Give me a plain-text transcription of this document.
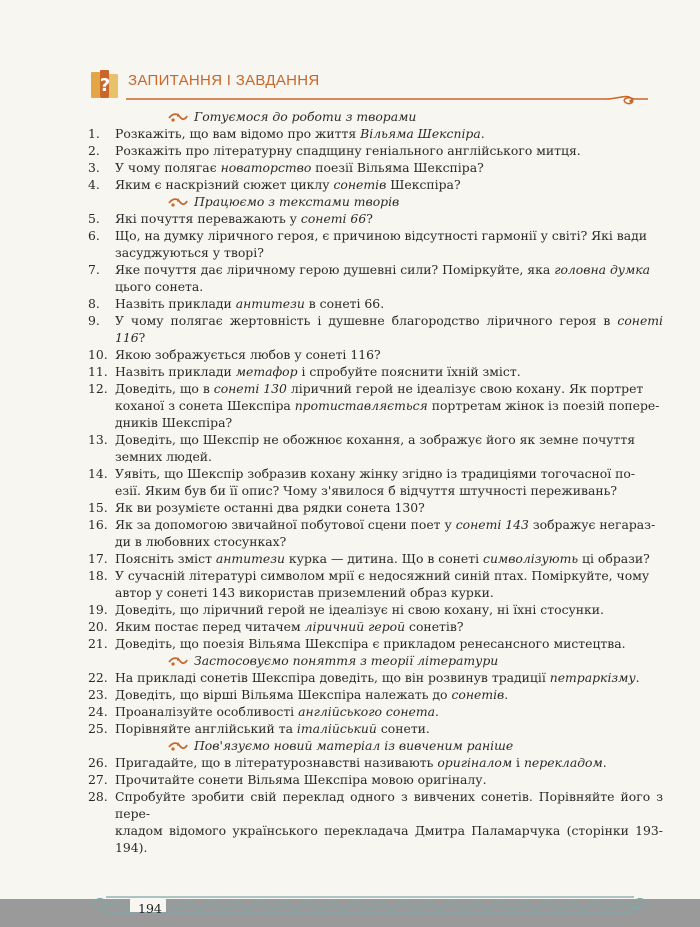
? ЗАПИТАННЯ І ЗАВДАННЯ
Готуємося до роботи з творами
1.	Розкажіть, що вам відомо про життя Вільяма Шекспіра.
2.	Розкажіть про літературну спадщину геніального англійського митця.
3.	У чому полягає новаторство поезії Вільяма Шекспіра?
4.	Яким є наскрізний сюжет циклу сонетів Шекспіра?
Працюємо з текстами творів
5.	Які почуття переважають у сонеті 66?
6.	Що, на думку ліричного героя, є причиною відсутності гармонії у світі? Які вади
засуджуються у творі?
7.	Яке почуття дає ліричному герою душевні сили? Поміркуйте, яка головна думка
цього сонета.
8.	Назвіть приклади антитези в сонеті 66.
9.	У чому полягає жертовність і душевне благородство ліричного героя в сонеті 116?
10. Якою зображується любов у сонеті 116?
11. Назвіть приклади метафор і спробуйте пояснити їхній зміст.
12. Доведіть, що в сонеті 130 ліричний герой не ідеалізує свою кохану. Як портрет
коханої з сонета Шекспіра протиставляється портретам жінок із поезій попере-
дників Шекспіра?
13. Доведіть, що Шекспір не обожнює кохання, а зображує його як земне почуття
земних людей.
14. Уявіть, що Шекспір зобразив кохану жінку згідно із традиціями тогочасної по-
езії. Яким був би її опис? Чому з'явилося б відчуття штучності переживань?
15. Як ви розумієте останні два рядки сонета 130?
16. Як за допомогою звичайної побутової сцени поет у сонеті 143 зображує негараз-
ди в любовних стосунках?
17. Поясніть зміст антитези курка — дитина. Що в сонеті символізують ці образи?
18. У сучасній літературі символом мрії є недосяжний синій птах. Поміркуйте, чому
автор у сонеті 143 використав приземлений образ курки.
19. Доведіть, що ліричний герой не ідеалізує ні свою кохану, ні їхні стосунки.
20. Яким постає перед читачем ліричний герой сонетів?
21. Доведіть, що поезія Вільяма Шекспіра є прикладом ренесансного мистецтва.
Застосовуємо поняття з теорії літератури
22. На прикладі сонетів Шекспіра доведіть, що він розвинув традиції петраркізму.
23. Доведіть, що вірші Вільяма Шекспіра належать до сонетів.
24. Проаналізуйте особливості англійського сонета.
25. Порівняйте англійський та італійський сонети.
Пов'язуємо новий матеріал із вивченим раніше
26. Пригадайте, що в літературознавстві називають оригіналом і перекладом.
27. Прочитайте сонети Вільяма Шекспіра мовою оригіналу.
28. Спробуйте зробити свій переклад одного з вивчених сонетів. Порівняйте його з пере-
кладом відомого українського перекладача Дмитра Паламарчука (сторінки 193-194).
194
